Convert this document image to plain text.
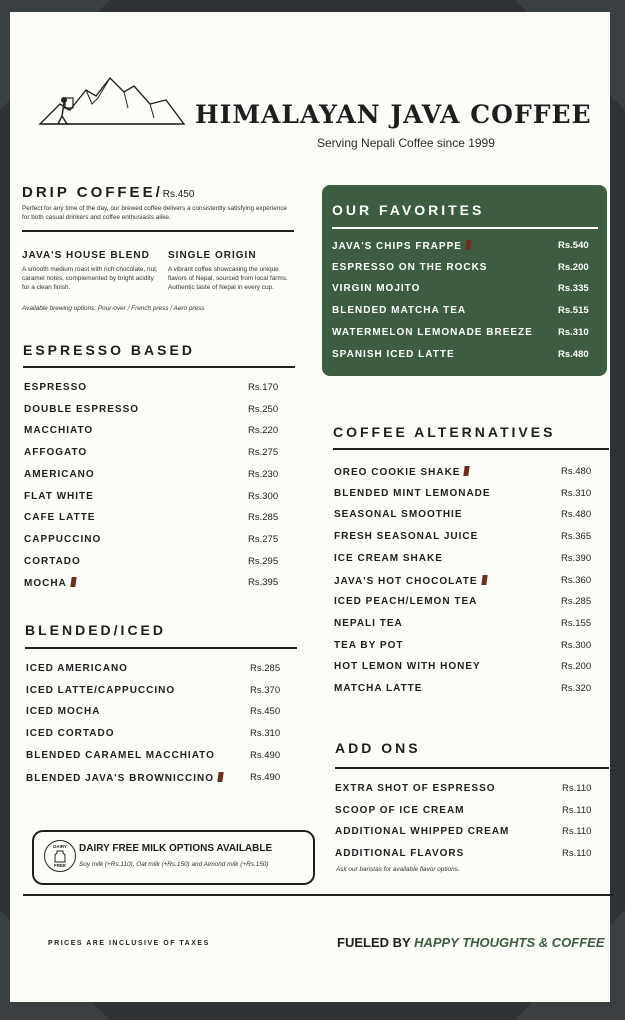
HIMALAYAN JAVA COFFEE
Serving Nepali Coffee since 1999
DRIP COFFEE/Rs.450
Perfect for any time of the day, our brewed coffee delivers a consistently satisfying experience for both casual drinkers and coffee enthusiasts alike.
JAVA'S HOUSE BLEND
A smooth medium roast with rich chocolate, nut, caramel notes, complemented by bright acidity for a clean finish.
SINGLE ORIGIN
A vibrant coffee showcasing the unique flavors of Nepal, sourced from local farms. Authentic taste of Nepal in every cup.
Available brewing options: Pour-over / French press / Aero press
ESPRESSO BASED
ESPRESSO	Rs.170
DOUBLE ESPRESSO	Rs.250
MACCHIATO	Rs.220
AFFOGATO	Rs.275
AMERICANO	Rs.230
FLAT WHITE	Rs.300
CAFE LATTE	Rs.285
CAPPUCCINO	Rs.275
CORTADO	Rs.295
MOCHA	Rs.395
BLENDED/ICED
ICED AMERICANO	Rs.285
ICED LATTE/CAPPUCCINO	Rs.370
ICED MOCHA	Rs.450
ICED CORTADO	Rs.310
BLENDED CARAMEL MACCHIATO	Rs.490
BLENDED JAVA'S BROWNICCINO	Rs.490
DAIRY
FREE
DAIRY FREE MILK OPTIONS AVAILABLE
Soy milk (+Rs.110), Oat milk (+Rs.150) and Almond milk (+Rs.150)
OUR FAVORITES
JAVA'S CHIPS FRAPPE	Rs.540
ESPRESSO ON THE ROCKS	Rs.200
VIRGIN MOJITO	Rs.335
BLENDED MATCHA TEA	Rs.515
WATERMELON LEMONADE BREEZE	Rs.310
SPANISH ICED LATTE	Rs.480
COFFEE ALTERNATIVES
OREO COOKIE SHAKE	Rs.480
BLENDED MINT LEMONADE	Rs.310
SEASONAL SMOOTHIE	Rs.480
FRESH SEASONAL JUICE	Rs.365
ICE CREAM SHAKE	Rs.390
JAVA'S HOT CHOCOLATE	Rs.360
ICED PEACH/LEMON TEA	Rs.285
NEPALI TEA	Rs.155
TEA BY POT	Rs.300
HOT LEMON WITH HONEY	Rs.200
MATCHA LATTE	Rs.320
ADD ONS
EXTRA SHOT OF ESPRESSO	Rs.110
SCOOP OF ICE CREAM	Rs.110
ADDITIONAL WHIPPED CREAM	Rs.110
ADDITIONAL FLAVORS	Rs.110
Ask our baristas for available flavor options.
PRICES ARE INCLUSIVE OF TAXES	FUELED BY HAPPY THOUGHTS & COFFEE
